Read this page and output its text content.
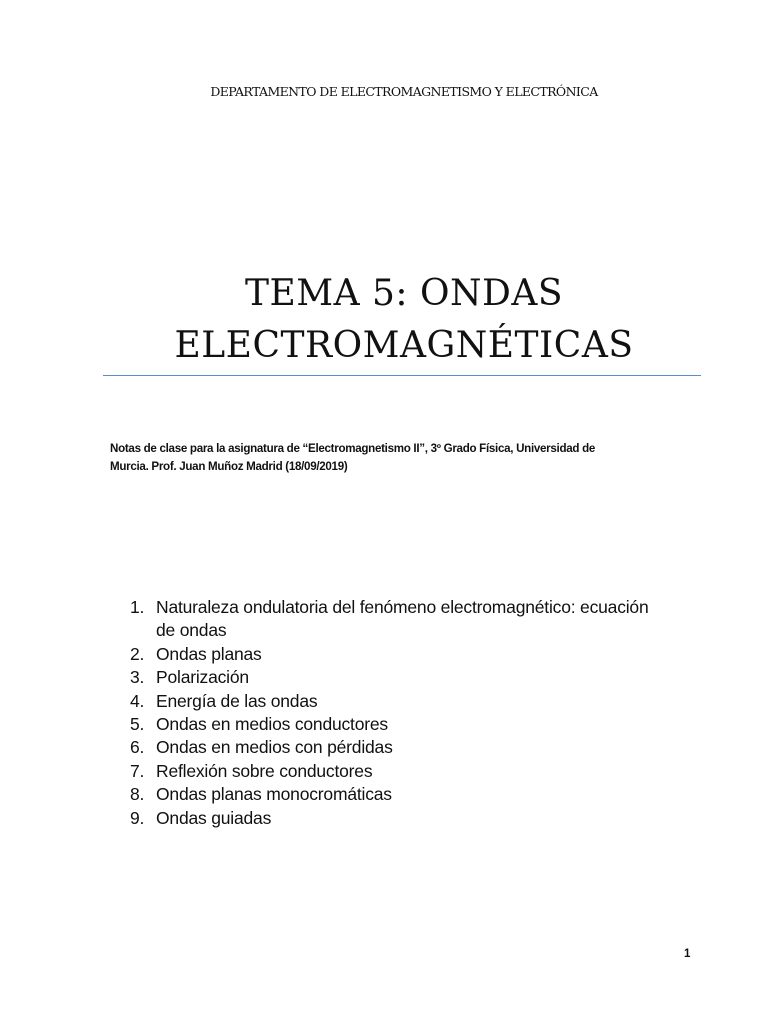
DEPARTAMENTO DE ELECTROMAGNETISMO Y ELECTRÓNICA
TEMA 5: ONDAS
ELECTROMAGNÉTICAS

Notas de clase para la asignatura de “Electromagnetismo II”, 3º Grado Física, Universidad de
Murcia. Prof. Juan Muñoz Madrid (18/09/2019)

1. Naturaleza ondulatoria del fenómeno electromagnético: ecuación de ondas
2. Ondas planas
3. Polarización
4. Energía de las ondas
5. Ondas en medios conductores
6. Ondas en medios con pérdidas
7. Reflexión sobre conductores
8. Ondas planas monocromáticas
9. Ondas guiadas
1
